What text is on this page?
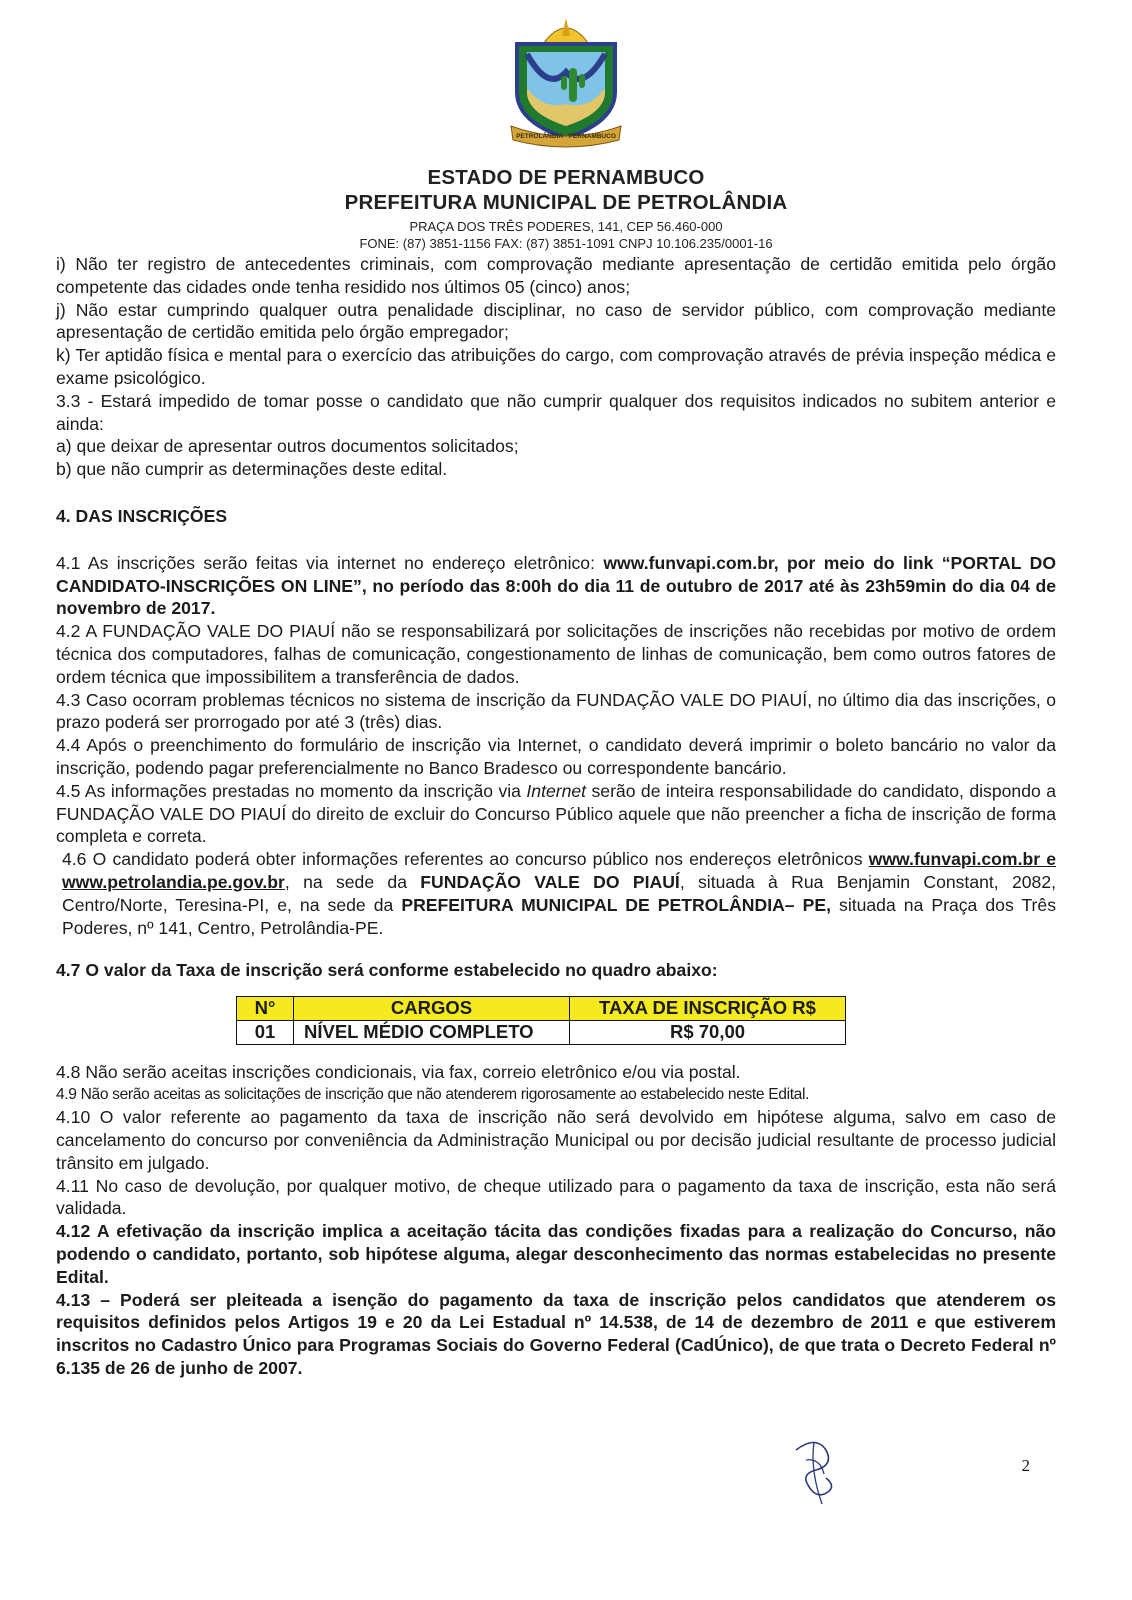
PETROLÂNDIA - PERNAMBUCO
ESTADO DE PERNAMBUCO
PREFEITURA MUNICIPAL DE PETROLÂNDIA
PRAÇA DOS TRÊS PODERES, 141, CEP 56.460-000
FONE: (87) 3851-1156 FAX: (87) 3851-1091 CNPJ 10.106.235/0001-16

i) Não ter registro de antecedentes criminais, com comprovação mediante apresentação de certidão emitida pelo órgão competente das cidades onde tenha residido nos últimos 05 (cinco) anos;

j) Não estar cumprindo qualquer outra penalidade disciplinar, no caso de servidor público, com comprovação mediante apresentação de certidão emitida pelo órgão empregador;

k) Ter aptidão física e mental para o exercício das atribuições do cargo, com comprovação através de prévia inspeção médica e exame psicológico.

3.3 - Estará impedido de tomar posse o candidato que não cumprir qualquer dos requisitos indicados no subitem anterior e ainda:

a) que deixar de apresentar outros documentos solicitados;

b) que não cumprir as determinações deste edital.

4. DAS INSCRIÇÕES

4.1 As inscrições serão feitas via internet no endereço eletrônico: www.funvapi.com.br, por meio do link “PORTAL DO CANDIDATO-INSCRIÇÕES ON LINE”, no período das 8:00h do dia 11 de outubro de 2017 até às 23h59min do dia 04 de novembro de 2017.

4.2 A FUNDAÇÃO VALE DO PIAUÍ não se responsabilizará por solicitações de inscrições não recebidas por motivo de ordem técnica dos computadores, falhas de comunicação, congestionamento de linhas de comunicação, bem como outros fatores de ordem técnica que impossibilitem a transferência de dados.

4.3 Caso ocorram problemas técnicos no sistema de inscrição da FUNDAÇÃO VALE DO PIAUÍ, no último dia das inscrições, o prazo poderá ser prorrogado por até 3 (três) dias.

4.4 Após o preenchimento do formulário de inscrição via Internet, o candidato deverá imprimir o boleto bancário no valor da inscrição, podendo pagar preferencialmente no Banco Bradesco ou correspondente bancário.

4.5 As informações prestadas no momento da inscrição via Internet serão de inteira responsabilidade do candidato, dispondo a FUNDAÇÃO VALE DO PIAUÍ do direito de excluir do Concurso Público aquele que não preencher a ficha de inscrição de forma completa e correta.

4.6 O candidato poderá obter informações referentes ao concurso público nos endereços eletrônicos www.funvapi.com.br e www.petrolandia.pe.gov.br, na sede da FUNDAÇÃO VALE DO PIAUÍ, situada à Rua Benjamin Constant, 2082, Centro/Norte, Teresina-PI, e, na sede da PREFEITURA MUNICIPAL DE PETROLÂNDIA– PE, situada na Praça dos Três Poderes, nº 141, Centro, Petrolândia-PE.

4.7 O valor da Taxa de inscrição será conforme estabelecido no quadro abaixo:

N°	CARGOS	TAXA DE INSCRIÇÃO R$
01	NÍVEL MÉDIO COMPLETO	R$ 70,00

4.8 Não serão aceitas inscrições condicionais, via fax, correio eletrônico e/ou via postal.

4.9 Não serão aceitas as solicitações de inscrição que não atenderem rigorosamente ao estabelecido neste Edital.

4.10 O valor referente ao pagamento da taxa de inscrição não será devolvido em hipótese alguma, salvo em caso de cancelamento do concurso por conveniência da Administração Municipal ou por decisão judicial resultante de processo judicial trânsito em julgado.

4.11 No caso de devolução, por qualquer motivo, de cheque utilizado para o pagamento da taxa de inscrição, esta não será validada.

4.12 A efetivação da inscrição implica a aceitação tácita das condições fixadas para a realização do Concurso, não podendo o candidato, portanto, sob hipótese alguma, alegar desconhecimento das normas estabelecidas no presente Edital.

4.13 – Poderá ser pleiteada a isenção do pagamento da taxa de inscrição pelos candidatos que atenderem os requisitos definidos pelos Artigos 19 e 20 da Lei Estadual nº 14.538, de 14 de dezembro de 2011 e que estiverem inscritos no Cadastro Único para Programas Sociais do Governo Federal (CadÚnico), de que trata o Decreto Federal nº 6.135 de 26 de junho de 2007.

2
